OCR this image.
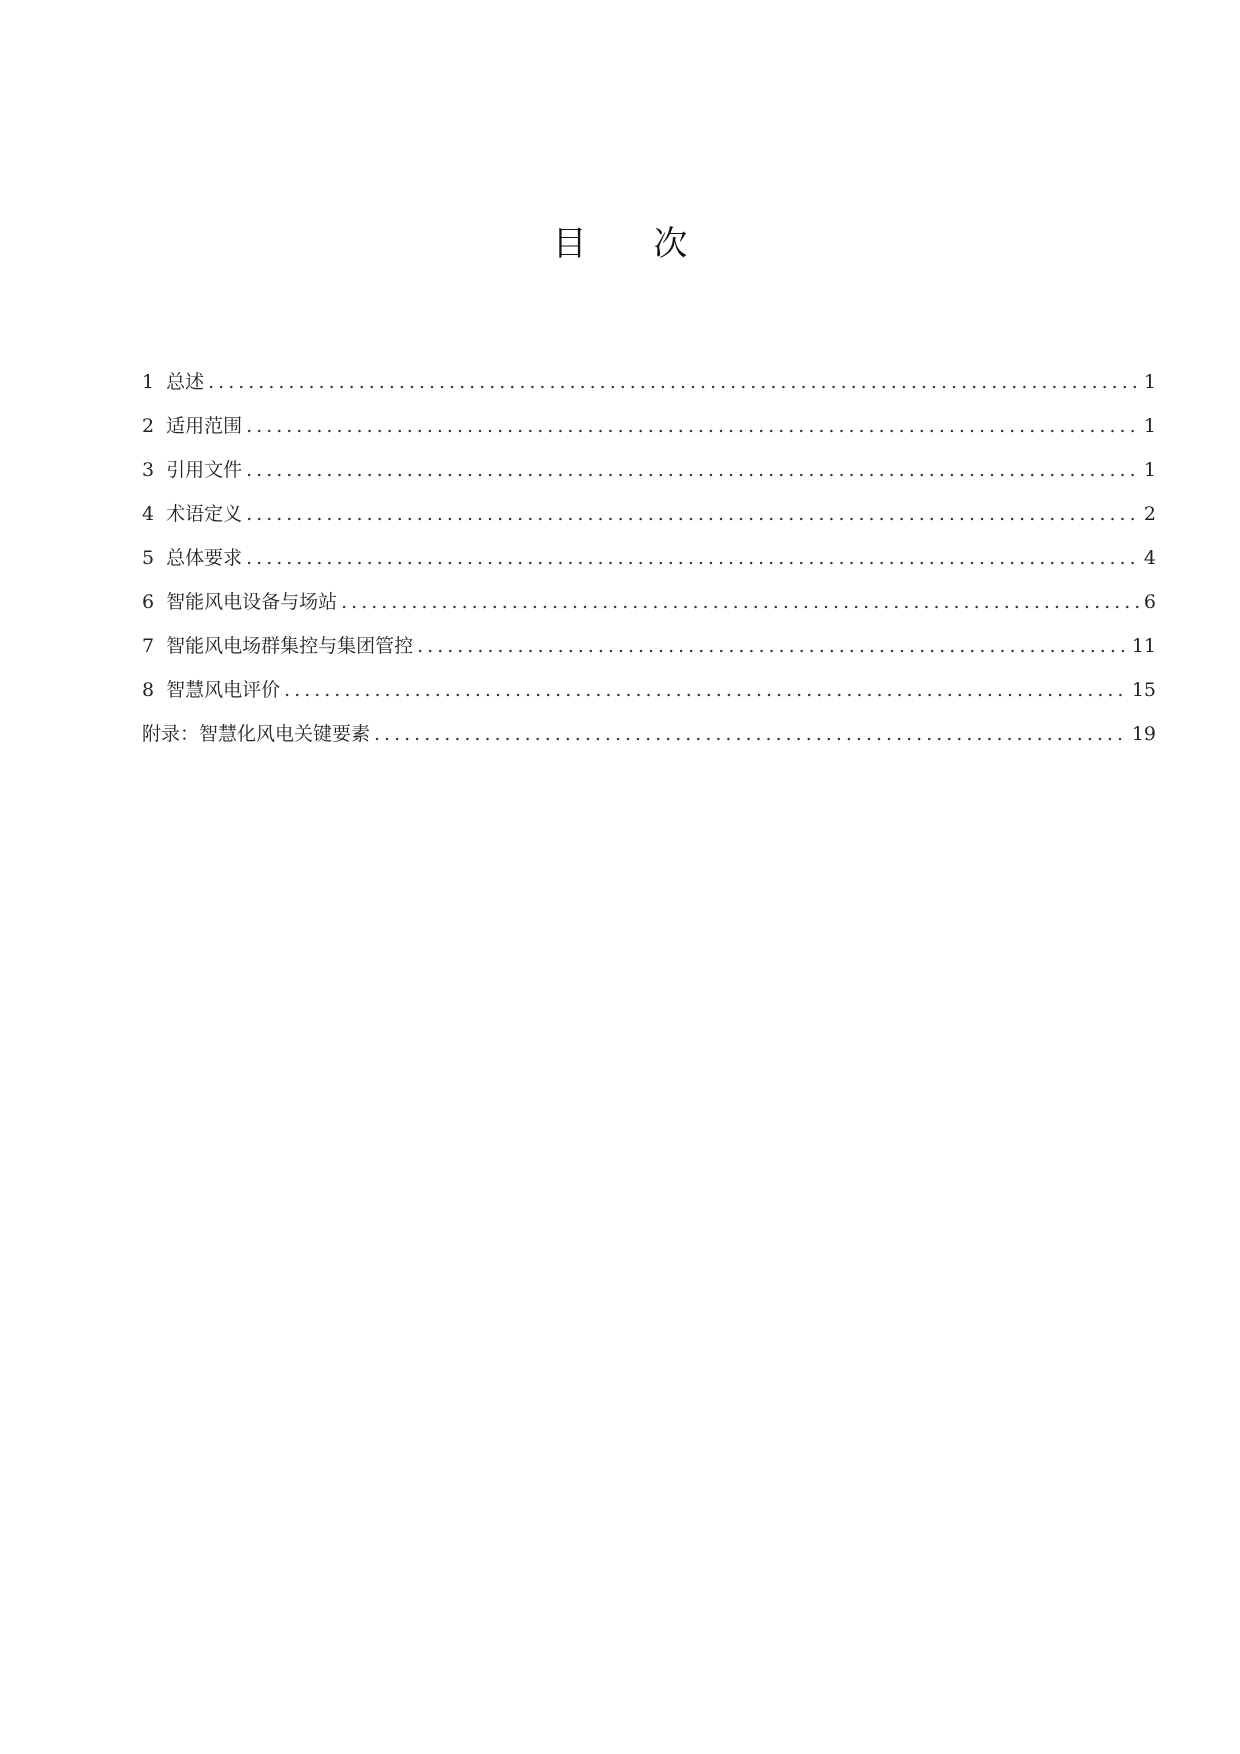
目 次
1 总述 .....	1
2 适用范围 .....	1
3 引用文件 .....	1
4 术语定义 .....	2
5 总体要求 .....	4
6 智能风电设备与场站 .....	6
7 智能风电场群集控与集团管控 .....	11
8 智慧风电评价 .....	15
附录：智慧化风电关键要素 .....	19
